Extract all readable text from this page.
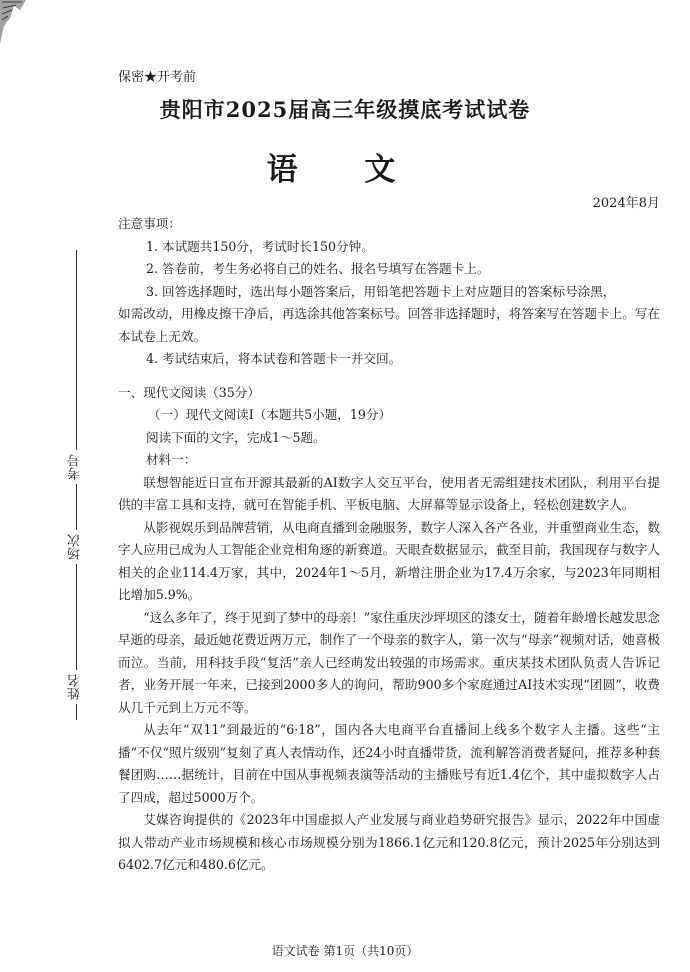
保密★开考前
贵阳市2025届高三年级摸底考试试卷
语 文
2024年8月
考号
场次
姓名

注意事项：

1. 本试题共150分，考试时长150分钟。

2. 答卷前，考生务必将自己的姓名、报名号填写在答题卡上。

3. 回答选择题时，选出每小题答案后，用铅笔把答题卡上对应题目的答案标号涂黑，

如需改动，用橡皮擦干净后，再选涂其他答案标号。回答非选择题时，将答案写在答题卡上。写在本试卷上无效。

4. 考试结束后，将本试卷和答题卡一并交回。

一、现代文阅读（35分）

（一）现代文阅读Ⅰ（本题共5小题，19分）

阅读下面的文字，完成1～5题。

材料一：

联想智能近日宣布开源其最新的AI数字人交互平台，使用者无需组建技术团队，利用平台提供的丰富工具和支持，就可在智能手机、平板电脑、大屏幕等显示设备上，轻松创建数字人。

从影视娱乐到品牌营销，从电商直播到金融服务，数字人深入各产各业，并重塑商业生态，数字人应用已成为人工智能企业竞相角逐的新赛道。天眼查数据显示，截至目前，我国现存与数字人相关的企业114.4万家，其中，2024年1～5月，新增注册企业为17.4万余家，与2023年同期相比增加5.9%。

“这么多年了，终于见到了梦中的母亲！”家住重庆沙坪坝区的漆女士，随着年龄增长越发思念早逝的母亲，最近她花费近两万元，制作了一个母亲的数字人，第一次与“母亲”视频对话，她喜极而泣。当前，用科技手段“复活”亲人已经萌发出较强的市场需求。重庆某技术团队负责人告诉记者，业务开展一年来，已接到2000多人的询问，帮助900多个家庭通过AI技术实现“团圆”，收费从几千元到上万元不等。

从去年“双11”到最近的“6·18”，国内各大电商平台直播间上线多个数字人主播。这些“主播”不仅“照片级别”复刻了真人表情动作，还24小时直播带货，流利解答消费者疑问，推荐多种套餐团购……据统计，目前在中国从事视频表演等活动的主播账号有近1.4亿个，其中虚拟数字人占了四成，超过5000万个。

艾媒咨询提供的《2023年中国虚拟人产业发展与商业趋势研究报告》显示，2022年中国虚拟人带动产业市场规模和核心市场规模分别为1866.1亿元和120.8亿元，预计2025年分别达到6402.7亿元和480.6亿元。

语文试卷 第1页（共10页）
